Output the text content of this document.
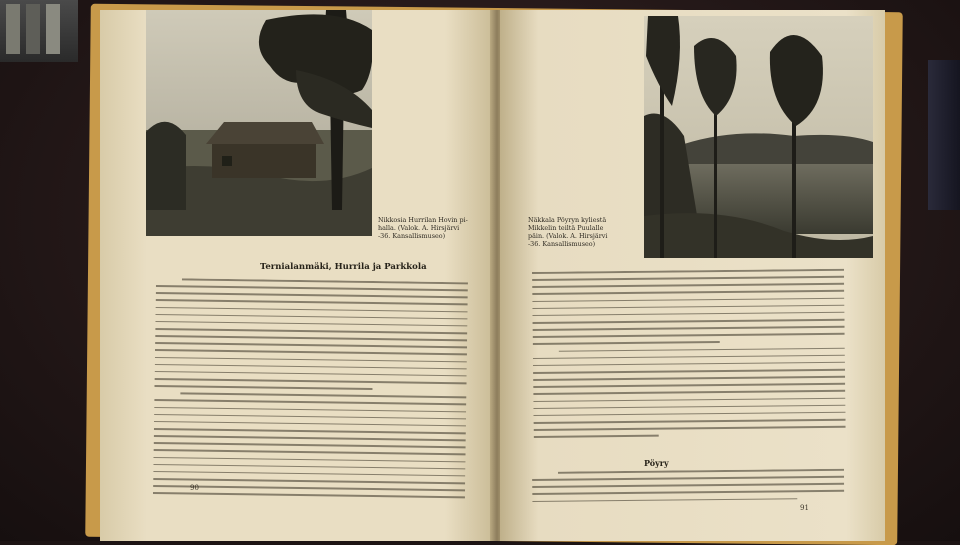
Nikkosia Hurrilan Hovin pi-
halla. (Valok. A. Hirsjärvi
-36. Kansallismuseo)
Ternialanmäki, Hurrila ja Parkkola
90
Näkkala Pöyryn kyliestä
Mikkelin teiltä Puulalle
päin. (Valok. A. Hirsjärvi
-36. Kansallismuseo)
Pöyry
91
